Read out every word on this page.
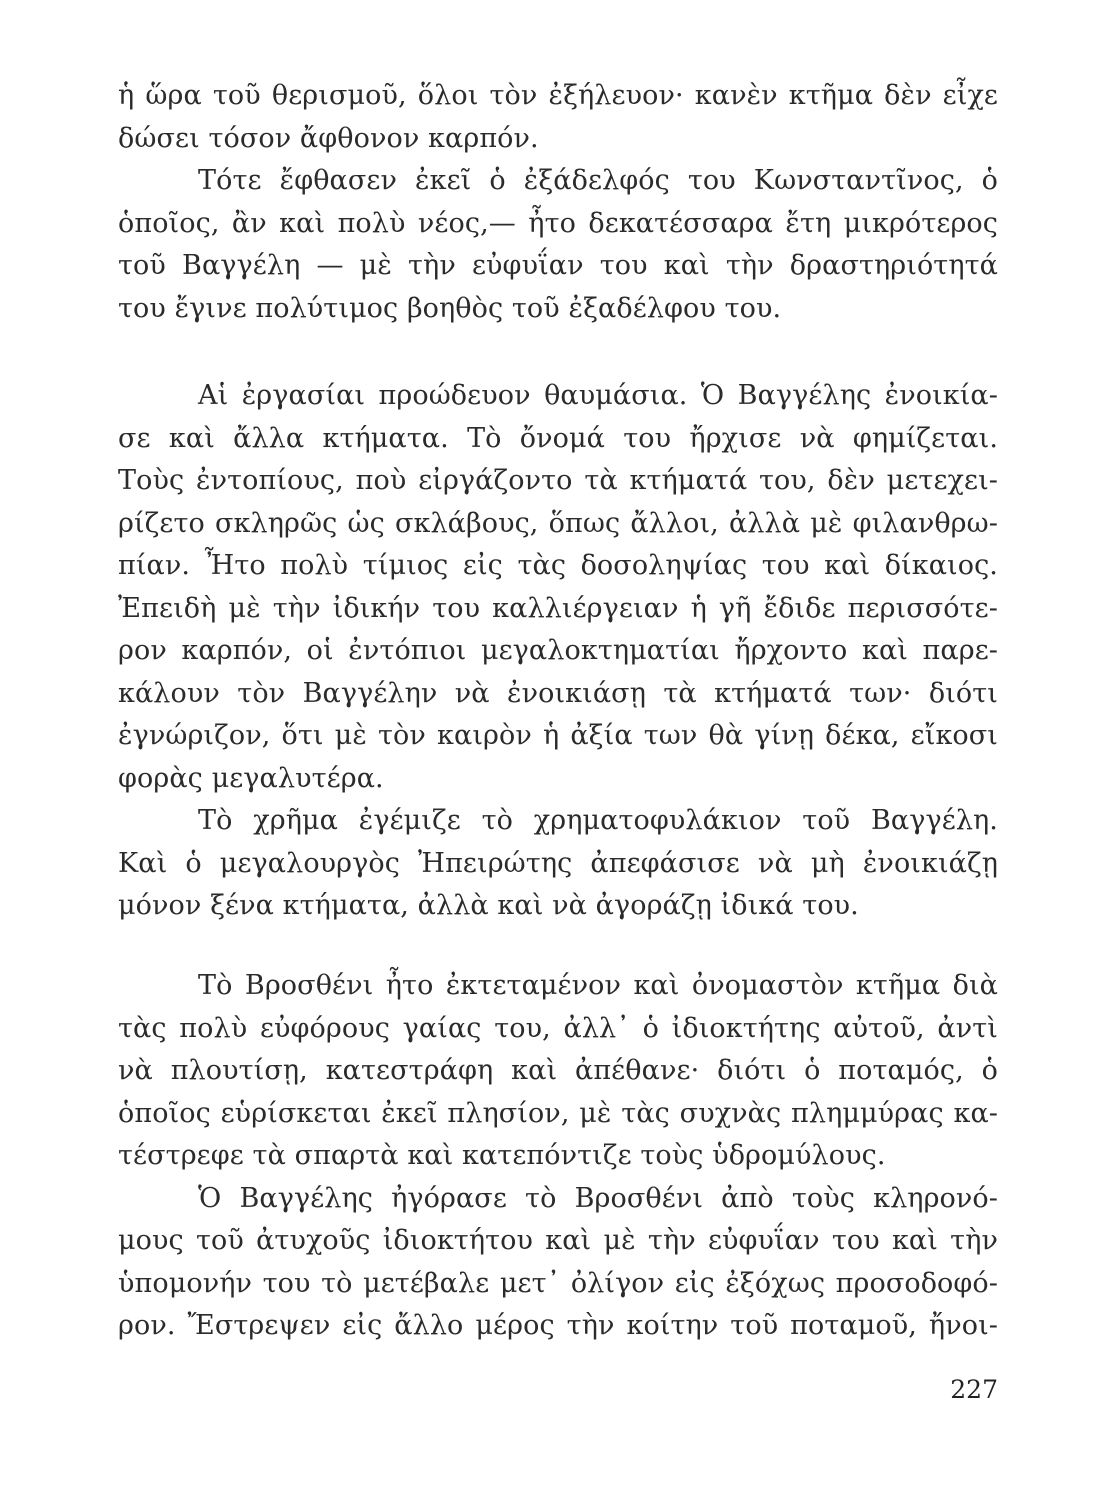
ἡ ὥρα τοῦ θερισμοῦ, ὅλοι τὸν ἐξήλευον· κανὲν κτῆμα δὲν εἶχε
δώσει τόσον ἄφθονον καρπόν.
Τότε ἔφθασεν ἐκεῖ ὁ ἐξάδελφός του Κωνσταντῖνος, ὁ
ὁποῖος, ἂν καὶ πολὺ νέος,— ἦτο δεκατέσσαρα ἔτη μικρότερος
τοῦ Βαγγέλη — μὲ τὴν εὐφυΐαν του καὶ τὴν δραστηριότητά
του ἔγινε πολύτιμος βοηθὸς τοῦ ἐξαδέλφου του.
Αἱ ἐργασίαι προώδευον θαυμάσια. Ὁ Βαγγέλης ἐνοικία-
σε καὶ ἄλλα κτήματα. Τὸ ὄνομά του ἤρχισε νὰ φημίζεται.
Τοὺς ἐντοπίους, ποὺ εἰργάζοντο τὰ κτήματά του, δὲν μετεχει-
ρίζετο σκληρῶς ὡς σκλάβους, ὅπως ἄλλοι, ἀλλὰ μὲ φιλανθρω-
πίαν. Ἦτο πολὺ τίμιος εἰς τὰς δοσοληψίας του καὶ δίκαιος.
Ἐπειδὴ μὲ τὴν ἰδικήν του καλλιέργειαν ἡ γῆ ἔδιδε περισσότε-
ρον καρπόν, οἱ ἐντόπιοι μεγαλοκτηματίαι ἤρχοντο καὶ παρε-
κάλουν τὸν Βαγγέλην νὰ ἐνοικιάσῃ τὰ κτήματά των· διότι
ἐγνώριζον, ὅτι μὲ τὸν καιρὸν ἡ ἀξία των θὰ γίνῃ δέκα, εἴκοσι
φορὰς μεγαλυτέρα.
Τὸ χρῆμα ἐγέμιζε τὸ χρηματοφυλάκιον τοῦ Βαγγέλη.
Καὶ ὁ μεγαλουργὸς Ἠπειρώτης ἀπεφάσισε νὰ μὴ ἐνοικιάζῃ
μόνον ξένα κτήματα, ἀλλὰ καὶ νὰ ἀγοράζῃ ἰδικά του.
Τὸ Βροσθένι ἦτο ἐκτεταμένον καὶ ὀνομαστὸν κτῆμα διὰ
τὰς πολὺ εὐφόρους γαίας του, ἀλλ᾽ ὁ ἰδιοκτήτης αὐτοῦ, ἀντὶ
νὰ πλουτίσῃ, κατεστράφη καὶ ἀπέθανε· διότι ὁ ποταμός, ὁ
ὁποῖος εὑρίσκεται ἐκεῖ πλησίον, μὲ τὰς συχνὰς πλημμύρας κα-
τέστρεφε τὰ σπαρτὰ καὶ κατεπόντιζε τοὺς ὑδρομύλους.
Ὁ Βαγγέλης ἠγόρασε τὸ Βροσθένι ἀπὸ τοὺς κληρονό-
μους τοῦ ἀτυχοῦς ἰδιοκτήτου καὶ μὲ τὴν εὐφυΐαν του καὶ τὴν
ὑπομονήν του τὸ μετέβαλε μετ᾽ ὀλίγον εἰς ἐξόχως προσοδοφό-
ρον. Ἔστρεψεν εἰς ἄλλο μέρος τὴν κοίτην τοῦ ποταμοῦ, ἤνοι-
227
